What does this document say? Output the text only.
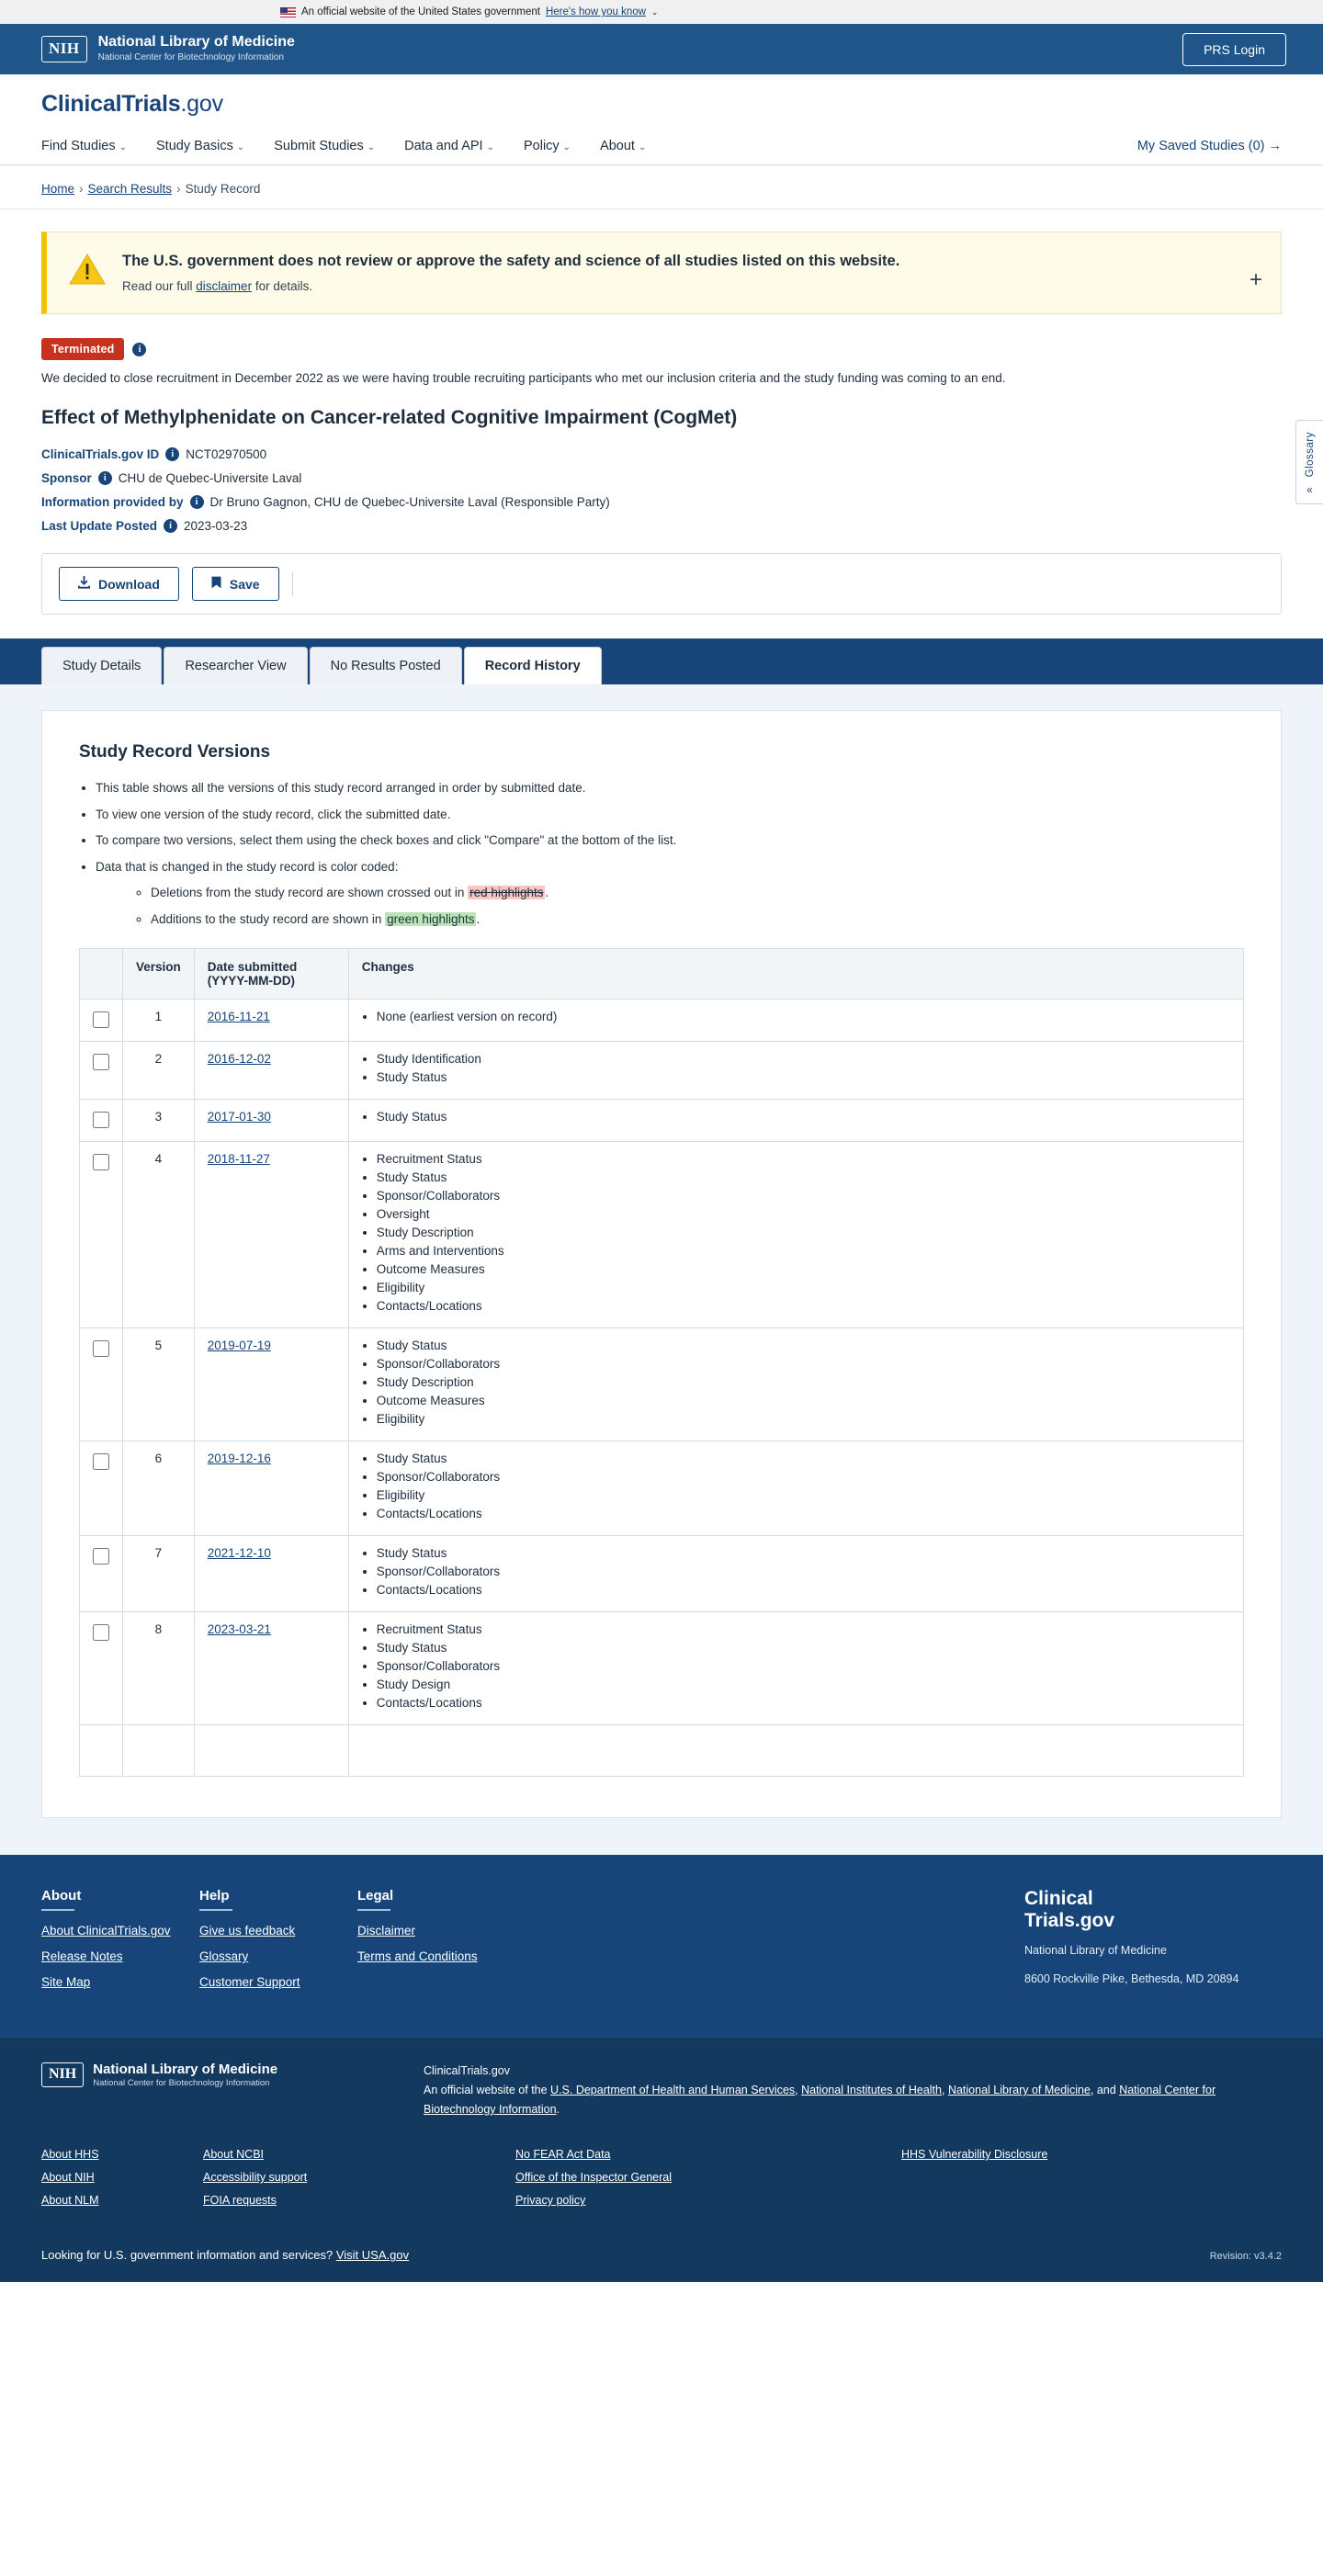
An official website of the United States government Here's how you know ⌄
NIH	National Library of Medicine
National Center for Biotechnology Information
PRS Login
ClinicalTrials.gov
Find Studies ⌄ Study Basics ⌄ Submit Studies ⌄ Data and API ⌄ Policy ⌄ About ⌄	My Saved Studies (0) →
Home › Search Results › Study Record
Glossary
«
The U.S. government does not review or approve the safety and science of all studies listed on this website.
Read our full disclaimer for details.	+
Terminated	i
We decided to close recruitment in December 2022 as we were having trouble recruiting participants who met our inclusion criteria and the study funding was coming to an end.
Effect of Methylphenidate on Cancer-related Cognitive Impairment (CogMet)
ClinicalTrials.gov ID	i NCT02970500
Sponsor	i CHU de Quebec-Universite Laval
Information provided by	i Dr Bruno Gagnon, CHU de Quebec-Universite Laval (Responsible Party)
Last Update Posted	i 2023-03-23
Download	Save
Study Details	Researcher View	No Results Posted	Record History
Study Record Versions
• This table shows all the versions of this study record arranged in order by submitted date.
• To view one version of the study record, click the submitted date.
• To compare two versions, select them using the check boxes and click "Compare" at the bottom of the list.
• Data that is changed in the study record is color coded:
◦ Deletions from the study record are shown crossed out in red highlights .
◦ Additions to the study record are shown in green highlights .
	Version	Date submitted (YYYY-MM-DD)	Changes
	1	2016-11-21	
•None (earliest version on record)

	2	2016-12-02	
•Study Identification
• Study Status

	3	2017-01-30	
•Study Status

	4	2018-11-27	
•Recruitment Status
• Study Status
• Sponsor/Collaborators
• Oversight
• Study Description
• Arms and Interventions
• Outcome Measures
• Eligibility
• Contacts/Locations

	5	2019-07-19	
•Study Status
• Sponsor/Collaborators
• Study Description
• Outcome Measures
• Eligibility

	6	2019-12-16	
•Study Status
• Sponsor/Collaborators
• Eligibility
• Contacts/Locations

	7	2021-12-10	
•Study Status
• Sponsor/Collaborators
• Contacts/Locations

	8	2023-03-21	
•Recruitment Status
• Study Status
• Sponsor/Collaborators
• Study Design
• Contacts/Locations

About
About ClinicalTrials.gov
Release Notes
Site Map
Help
Give us feedback
Glossary
Customer Support
Legal
Disclaimer
Terms and Conditions
Clinical
Trials.gov
National Library of Medicine
8600 Rockville Pike, Bethesda, MD 20894
NIH	National Library of Medicine
National Center for Biotechnology Information
ClinicalTrials.gov
An official website of the U.S. Department of Health and Human Services, National Institutes of Health, National Library of Medicine, and National Center for Biotechnology Information.
About HHS
About NIH
About NLM
About NCBI
Accessibility support
FOIA requests
No FEAR Act Data
Office of the Inspector General
Privacy policy
HHS Vulnerability Disclosure
Looking for U.S. government information and services? Visit USA.gov	Revision: v3.4.2
